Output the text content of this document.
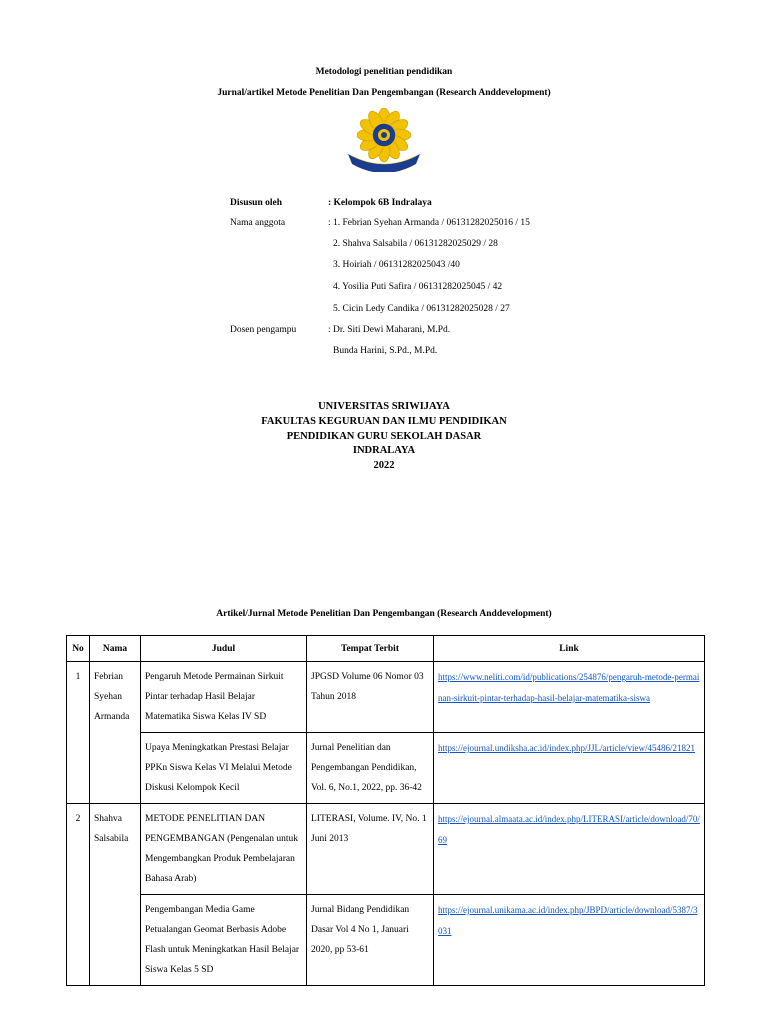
Metodologi penelitian pendidikan
Jurnal/artikel Metode Penelitian Dan Pengembangan (Research Anddevelopment)
Disusun oleh	: Kelompok 6B Indralaya
Nama anggota	: 1. Febrian Syehan Armanda / 06131282025016 / 15
2. Shahva Salsabila / 06131282025029 / 28
3. Hoiriah / 06131282025043 /40
4. Yosilia Puti Safira / 06131282025045 / 42
5. Cicin Ledy Candika / 06131282025028 / 27
Dosen pengampu	: Dr. Siti Dewi Maharani, M.Pd.
Bunda Harini, S.Pd., M.Pd.
UNIVERSITAS SRIWIJAYA
FAKULTAS KEGURUAN DAN ILMU PENDIDIKAN
PENDIDIKAN GURU SEKOLAH DASAR
INDRALAYA
2022
Artikel/Jurnal Metode Penelitian Dan Pengembangan (Research Anddevelopment)
No	Nama	Judul	Tempat Terbit	Link
1	Febrian Syehan Armanda	Pengaruh Metode Permainan Sirkuit Pintar terhadap Hasil Belajar Matematika Siswa Kelas IV SD	JPGSD Volume 06 Nomor 03 Tahun 2018	https://www.neliti.com/id/publications/254876/pengaruh-metode-permainan-sirkuit-pintar-terhadap-hasil-belajar-matematika-siswa
		Upaya Meningkatkan Prestasi Belajar PPKn Siswa Kelas VI Melalui Metode Diskusi Kelompok Kecil	Jurnal Penelitian dan Pengembangan Pendidikan, Vol. 6, No.1, 2022, pp. 36-42	https://ejournal.undiksha.ac.id/index.php/JJL/article/view/45486/21821
2	Shahva Salsabila	METODE PENELITIAN DAN PENGEMBANGAN (Pengenalan untuk Mengembangkan Produk Pembelajaran Bahasa Arab)	LITERASI, Volume. IV, No. 1 Juni 2013	https://ejournal.almaata.ac.id/index.php/LITERASI/article/download/70/69
		Pengembangan Media Game Petualangan Geomat Berbasis Adobe Flash untuk Meningkatkan Hasil Belajar Siswa Kelas 5 SD	Jurnal Bidang Pendidikan Dasar Vol 4 No 1, Januari 2020, pp 53-61	https://ejournal.unikama.ac.id/index.php/JBPD/article/download/5387/3031
